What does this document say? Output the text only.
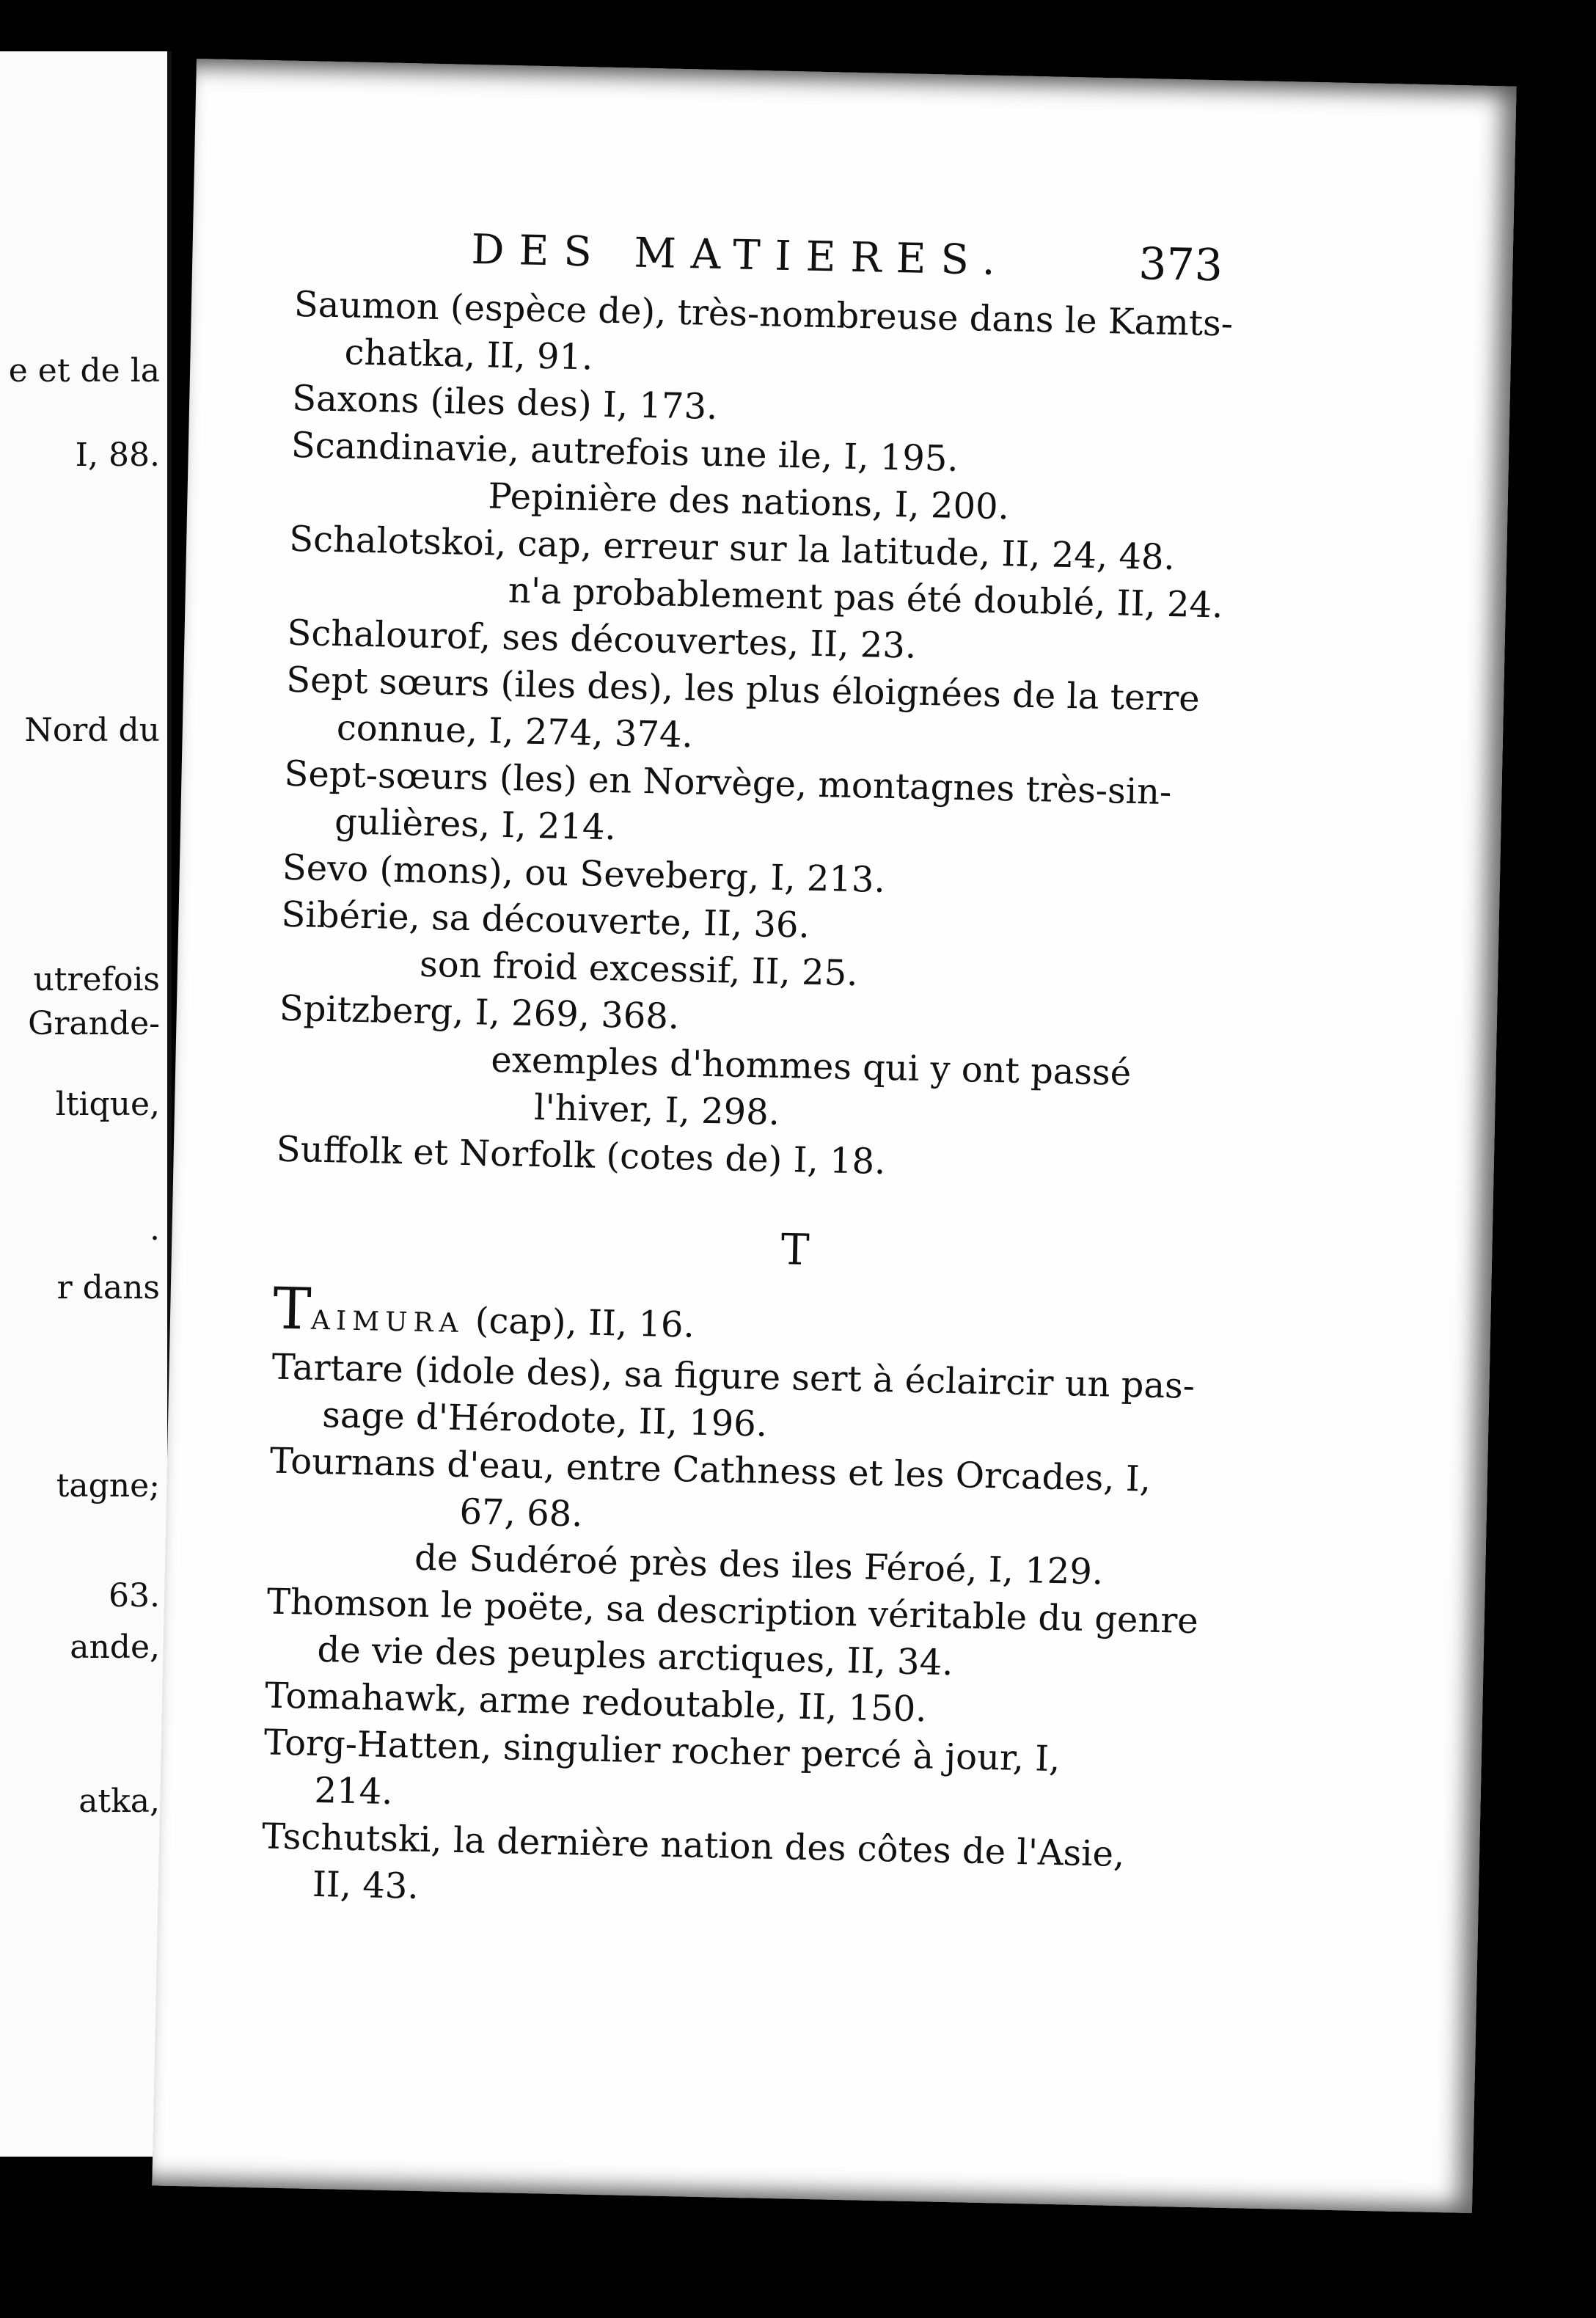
e et de la
I, 88.
Nord du
utrefois
Grande-
ltique,
.
r dans
tagne;
63.
ande,
atka,
DES MATIERES.	373

Saumon (espèce de), très-nombreuse dans le Kamts-
chatka, II, 91.

Saxons (iles des) I, 173.

Scandinavie, autrefois une ile, I, 195.

Pepinière des nations, I, 200.

Schalotskoi, cap, erreur sur la latitude, II, 24, 48.

n'a probablement pas été doublé, II, 24.

Schalourof, ses découvertes, II, 23.

Sept sœurs (iles des), les plus éloignées de la terre
connue, I, 274, 374.

Sept-sœurs (les) en Norvège, montagnes très-sin-
gulières, I, 214.

Sevo (mons), ou Seveberg, I, 213.

Sibérie, sa découverte, II, 36.

son froid excessif, II, 25.

Spitzberg, I, 269, 368.

exemples d'hommes qui y ont passé

l'hiver, I, 298.

Suffolk et Norfolk (cotes de) I, 18.

T

TAIMURA (cap), II, 16.

Tartare (idole des), sa figure sert à éclaircir un pas-
sage d'Hérodote, II, 196.

Tournans d'eau, entre Cathness et les Orcades, I,
67, 68.

de Sudéroé près des iles Féroé, I, 129.

Thomson le poëte, sa description véritable du genre
de vie des peuples arctiques, II, 34.

Tomahawk, arme redoutable, II, 150.

Torg-Hatten, singulier rocher percé à jour, I,
214.

Tschutski, la dernière nation des côtes de l'Asie,
II, 43.
